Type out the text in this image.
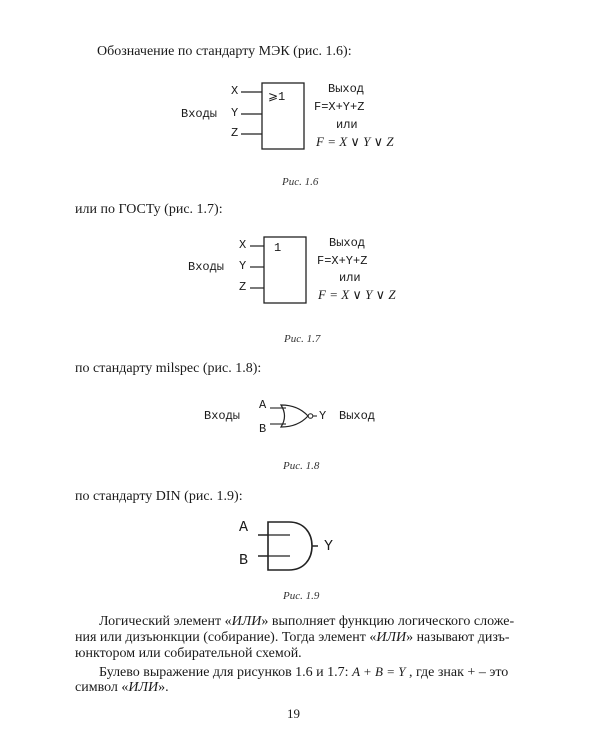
Обозначение по стандарту МЭК (рис. 1.6):
Входы
X
Y
Z
⩾1
Выход
F=X+Y+Z
или
F = X ∨ Y ∨ Z
Рис. 1.6
или по ГОСТу (рис. 1.7):
Входы
X
Y
Z
1	Выход
F=X+Y+Z
или
F = X ∨ Y ∨ Z
Рис. 1.7
по стандарту milspec (рис. 1.8):
Входы
A
B
Y Выход
Рис. 1.8
по стандарту DIN (рис. 1.9):
A
B
Y
Рис. 1.9
Логический элемент «ИЛИ» выполняет функцию логического сложе-
ния или дизъюнкции (собирание). Тогда элемент «ИЛИ» называют дизъ-
юнктором или собирательной схемой.
Булево выражение для рисунков 1.6 и 1.7: A + B = Y , где знак + – это
символ «ИЛИ».
19
